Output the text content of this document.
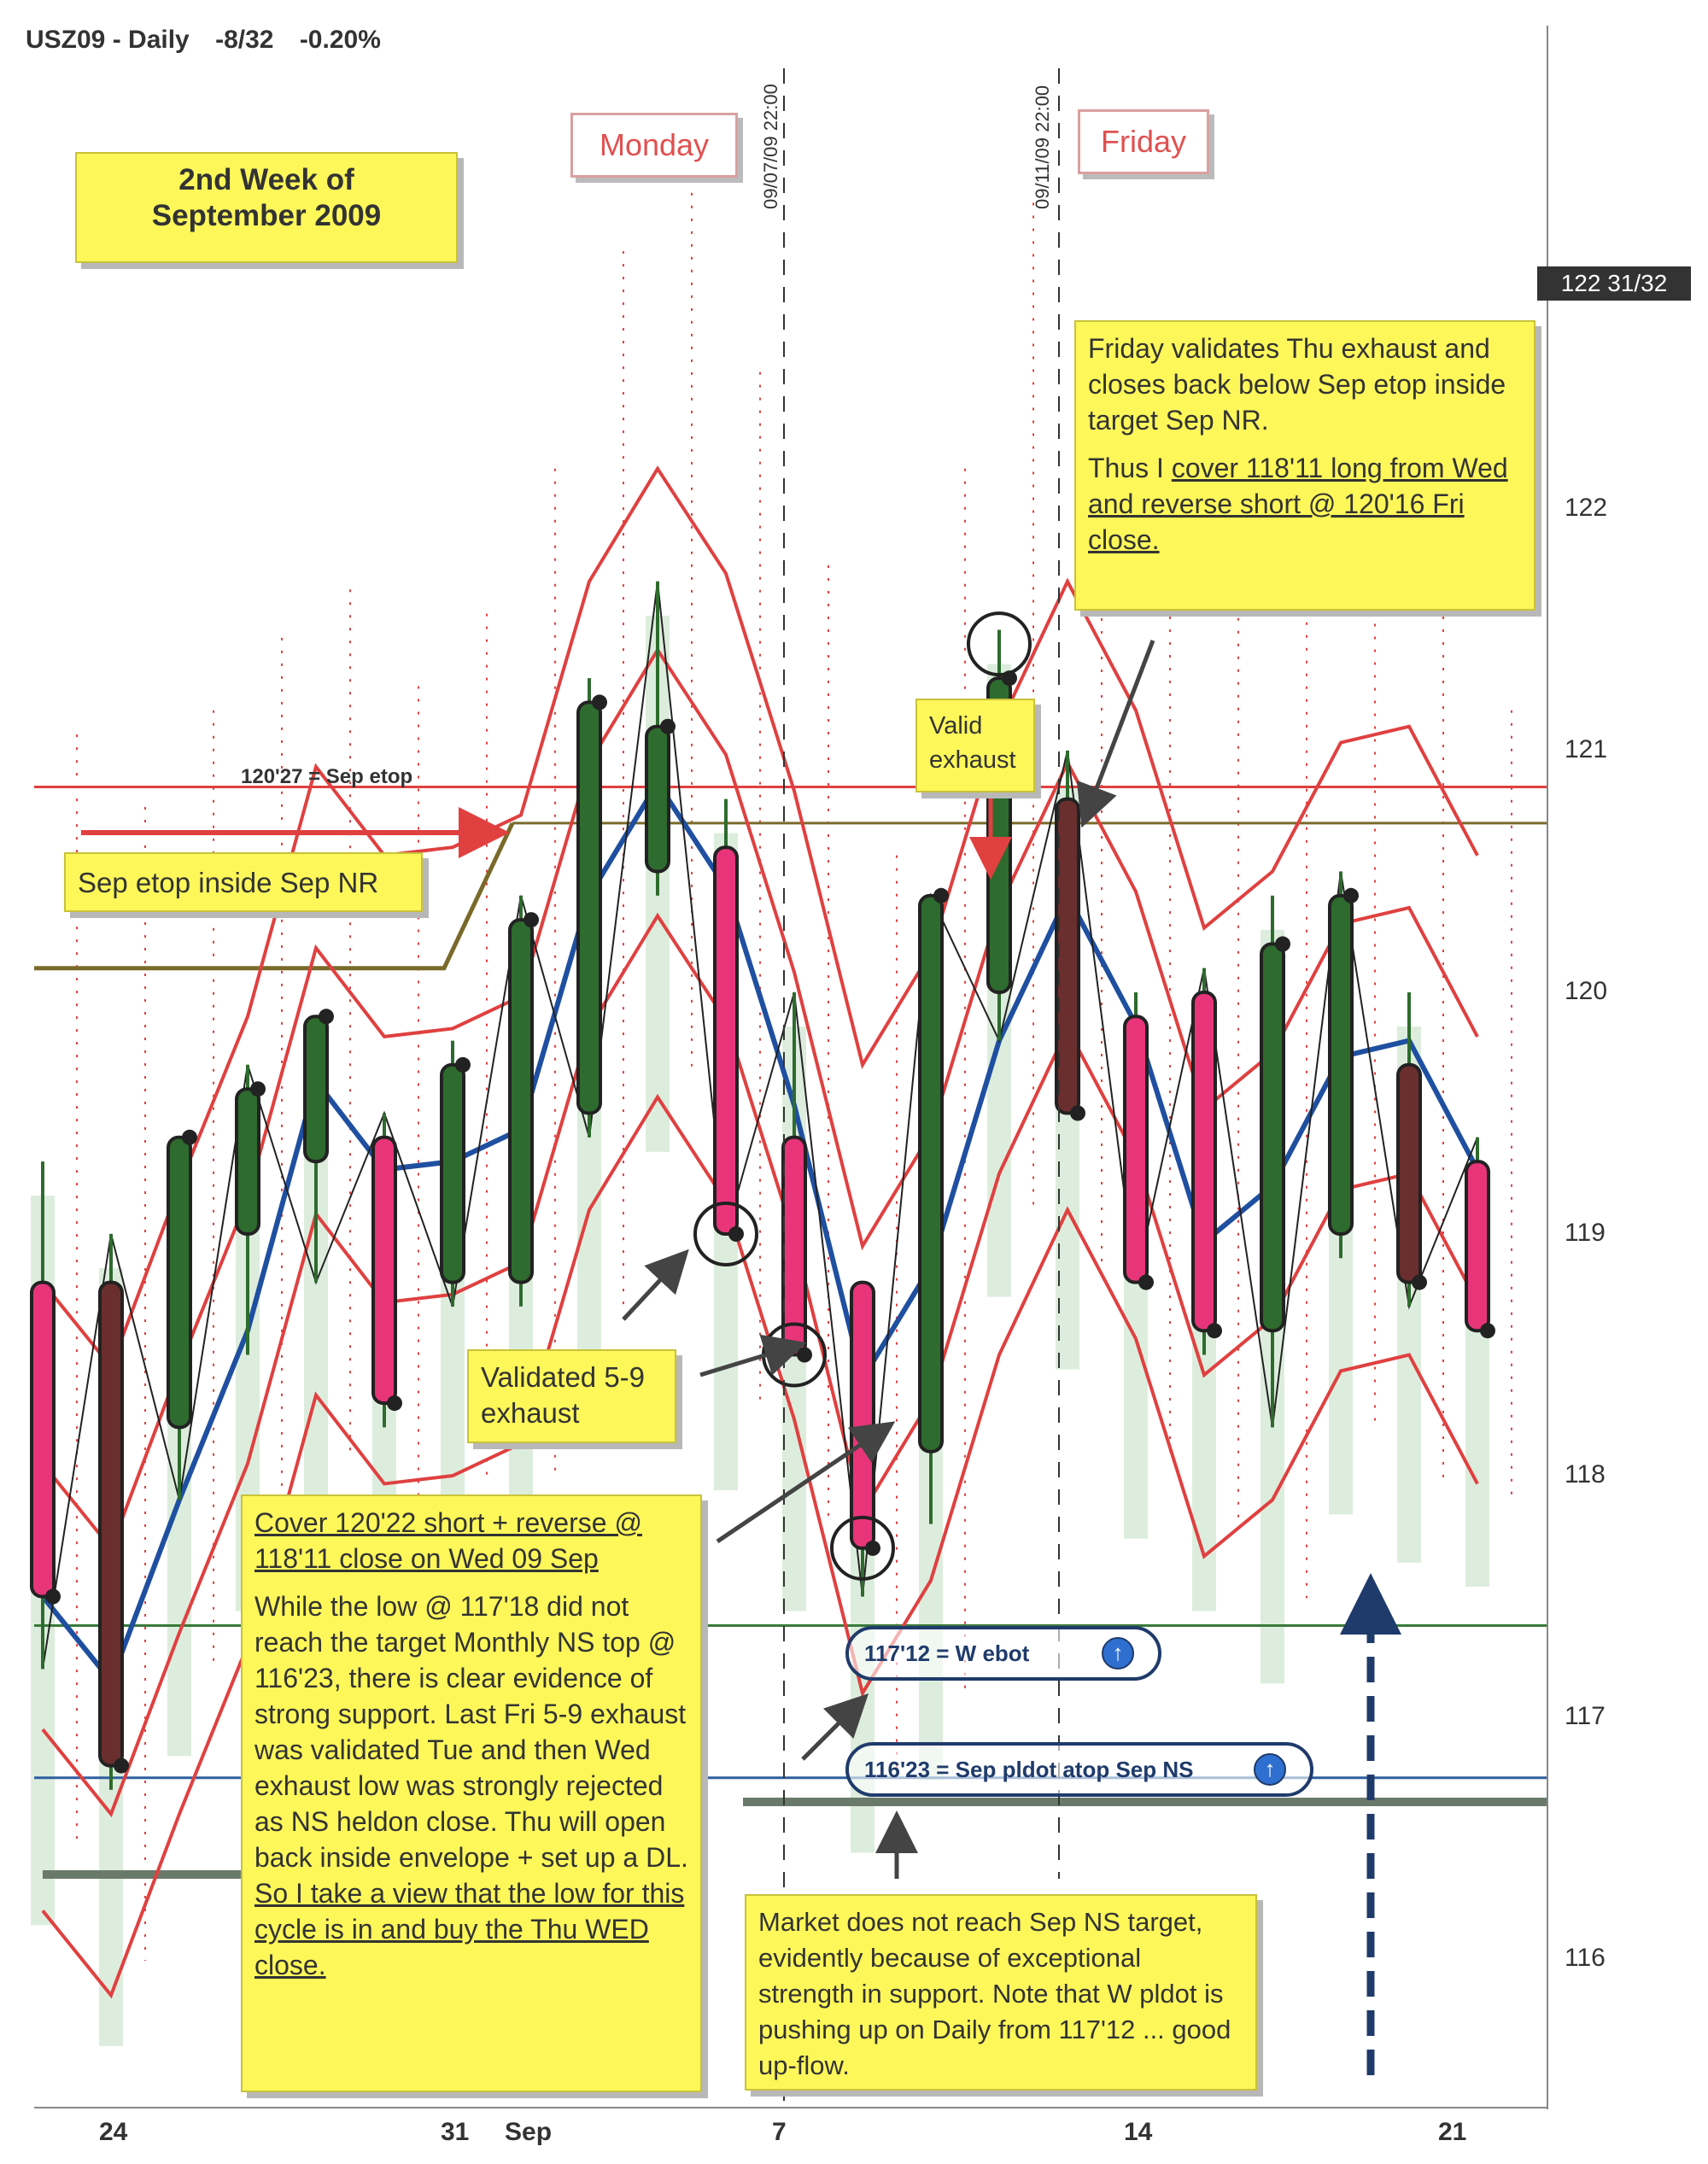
USZ09 - Daily -8/32 -0.20%
122 31/32
Monday	Friday
09/07/09 22:00	09/11/09 22:00
120'27 = Sep etop
2nd Week of
September 2009
Sep etop inside Sep NR
Valid
exhaust
Validated 5-9
exhaust

Friday validates Thu exhaust and closes back below Sep etop inside target Sep NR.

Thus I cover 118'11 long from Wed and reverse short @ 120'16 Fri close.

Cover 120'22 short + reverse @ 118'11 close on Wed 09 Sep

While the low @ 117'18 did not reach the target Monthly NS top @ 116'23, there is clear evidence of strong support. Last Fri 5-9 exhaust was validated Tue and then Wed exhaust low was strongly rejected as NS heldon close. Thu will open back inside envelope + set up a DL. So I take a view that the low for this cycle is in and buy the Thu WED close.

Market does not reach Sep NS target, evidently because of exceptional strength in support. Note that W pldot is pushing up on Daily from 117'12 ... good up-flow.
117'12 = W ebot	↑
116'23 = Sep pldot atop Sep NS	↑
116
117
118
119
120
121
122
24	31 Sep	7	14	21
